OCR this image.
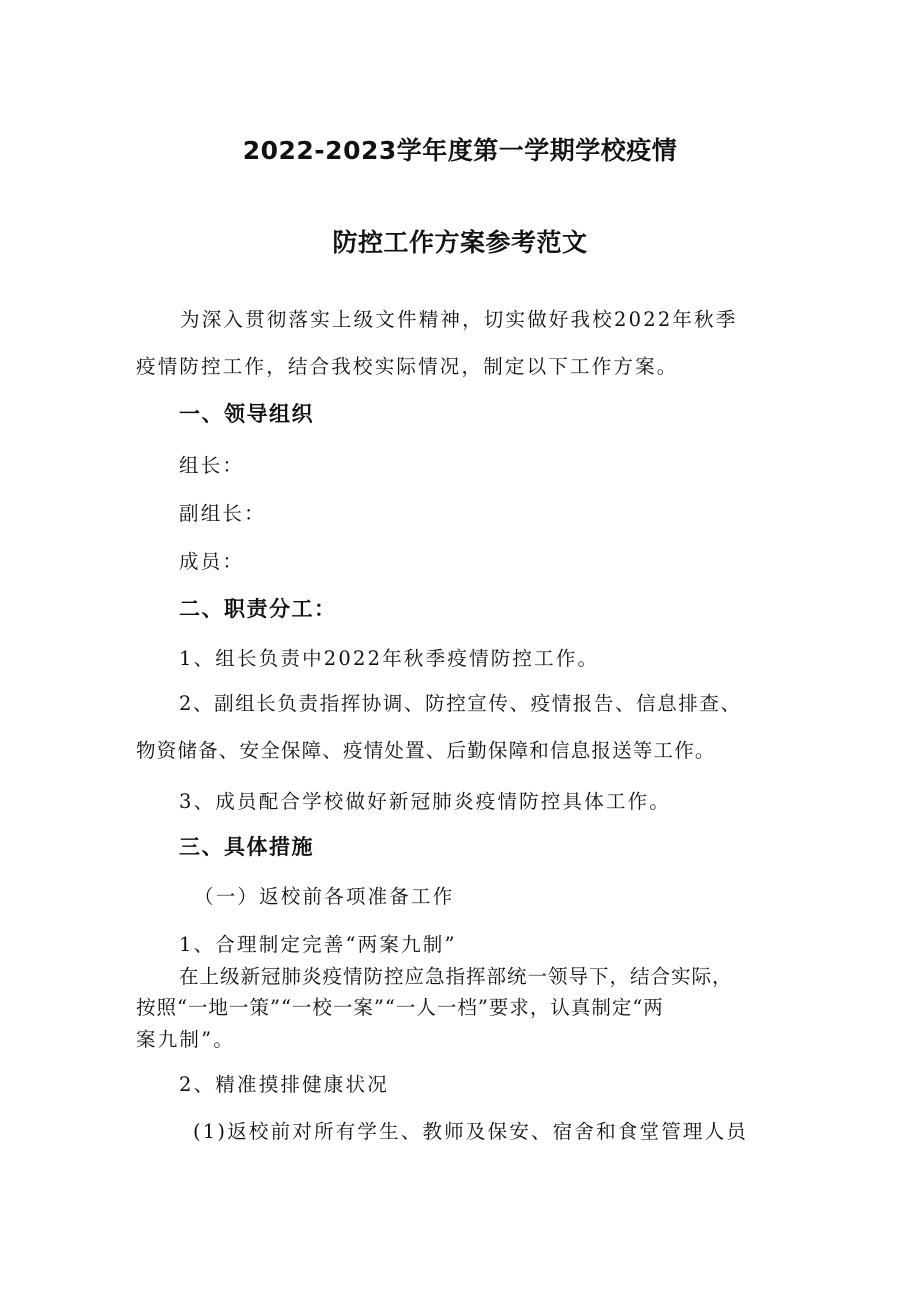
2022-2023学年度第一学期学校疫情
防控工作方案参考范文
为深入贯彻落实上级文件精神，切实做好我校2022年秋季
疫情防控工作，结合我校实际情况，制定以下工作方案。
一、领导组织
组长：
副组长：
成员：
二、职责分工：
1、组长负责中2022年秋季疫情防控工作。
2、副组长负责指挥协调、防控宣传、疫情报告、信息排查、
物资储备、安全保障、疫情处置、后勤保障和信息报送等工作。
3、成员配合学校做好新冠肺炎疫情防控具体工作。
三、具体措施
（一）返校前各项准备工作
1、合理制定完善“两案九制”
在上级新冠肺炎疫情防控应急指挥部统一领导下，结合实际，
按照“一地一策”“一校一案”“一人一档”要求，认真制定“两
案九制”。
2、精准摸排健康状况
(1)返校前对所有学生、教师及保安、宿舍和食堂管理人员
